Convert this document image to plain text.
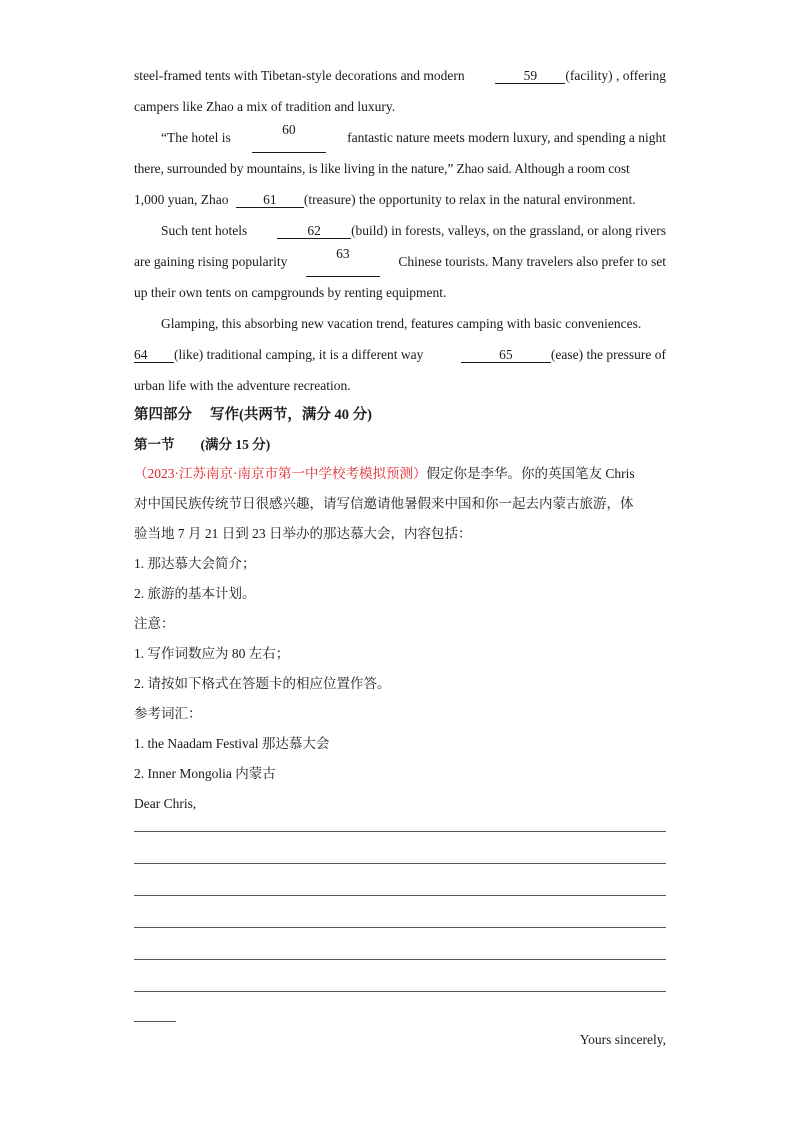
steel-framed tents with Tibetan-style decorations and modern	59 (facility) , offering
campers like Zhao a mix of tradition and luxury.
“The hotel is
60
fantastic nature meets modern luxury, and spending a night
there, surrounded by mountains, is like living in the nature,” Zhao said. Although a room cost
1,000 yuan, Zhao	61 (treasure) the opportunity to relax in the natural environment.
Such tent hotels	62 (build) in forests, valleys, on the grassland, or along rivers
are gaining rising popularity
63
Chinese tourists. Many travelers also prefer to set
up their own tents on campgrounds by renting equipment.
Glamping, this absorbing new vacation trend, features camping with basic conveniences.
64 (like) traditional camping, it is a different way	65	(ease) the pressure of
urban life with the adventure recreation.
第四部分 写作(共两节，满分 40 分)
第一节 (满分 15 分)
（2023·江苏南京·南京市第一中学校考模拟预测）假定你是李华。你的英国笔友 Chris
对中国民族传统节日很感兴趣，请写信邀请他暑假来中国和你一起去内蒙古旅游，体
验当地 7 月 21 日到 23 日举办的那达慕大会，内容包括：
1. 那达慕大会简介；
2. 旅游的基本计划。
注意：
1. 写作词数应为 80 左右；
2. 请按如下格式在答题卡的相应位置作答。
参考词汇：
1. the Naadam Festival 那达慕大会
2. Inner Mongolia 内蒙古
Dear Chris,
Yours sincerely,
